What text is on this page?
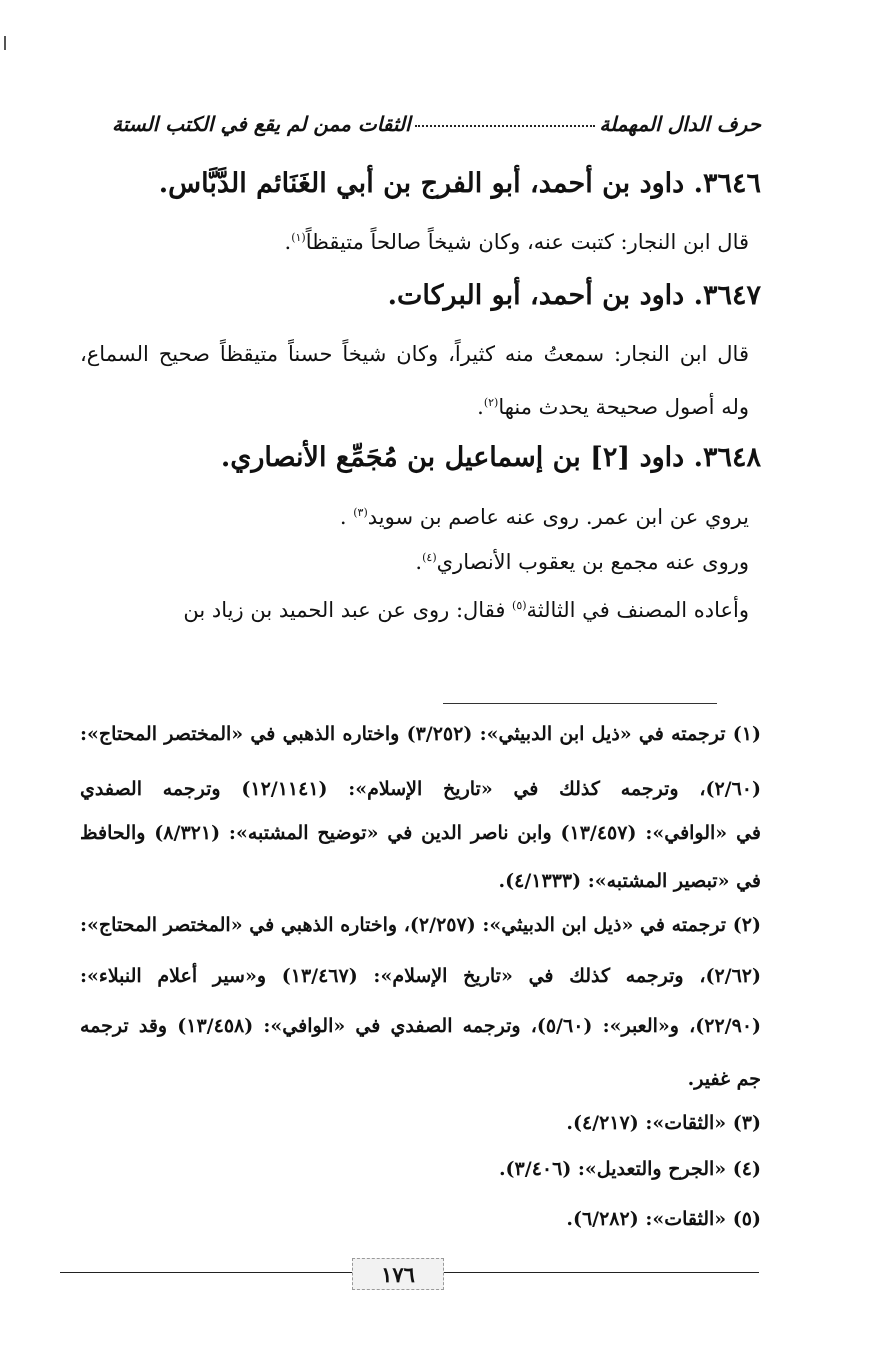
حرف الدال المهملة
الثقات ممن لم يقع في الكتب الستة
٣٦٤٦. داود بن أحمد، أبو الفرج بن أبي الغَنَائم الدَّبَّاس.
قال ابن النجار: كتبت عنه، وكان شيخاً صالحاً متيقظاً$^{(١)}$.
٣٦٤٧. داود بن أحمد، أبو البركات.
قال ابن النجار: سمعتُ منه كثيراً، وكان شيخاً حسناً متيقظاً صحيح السماع،
وله أصول صحيحة يحدث منها$^{(٢)}$.
٣٦٤٨. داود [٢] بن إسماعيل بن مُجَمِّع الأنصاري.
يروي عن ابن عمر. روى عنه عاصم بن سويد$^{(٣)}$ .
وروى عنه مجمع بن يعقوب الأنصاري$^{(٤)}$.
وأعاده المصنف في الثالثة$^{(٥)}$ فقال: روى عن عبد الحميد بن زياد بن
(١) ترجمته في «ذيل ابن الدبيثي»: (٣/٢٥٢) واختاره الذهبي في «المختصر المحتاج»:
(٢/٦٠)، وترجمه كذلك في «تاريخ الإسلام»: (١٢/١١٤١) وترجمه الصفدي
في «الوافي»: (١٣/٤٥٧) وابن ناصر الدين في «توضيح المشتبه»: (٨/٣٢١) والحافظ
في «تبصير المشتبه»: (٤/١٣٣٣).
(٢) ترجمته في «ذيل ابن الدبيثي»: (٢/٢٥٧)، واختاره الذهبي في «المختصر المحتاج»:
(٢/٦٢)، وترجمه كذلك في «تاريخ الإسلام»: (١٣/٤٦٧) و«سير أعلام النبلاء»:
(٢٢/٩٠)، و«العبر»: (٥/٦٠)، وترجمه الصفدي في «الوافي»: (١٣/٤٥٨) وقد ترجمه
جم غفير.
(٣) «الثقات»: (٤/٢١٧).
(٤) «الجرح والتعديل»: (٣/٤٠٦).
(٥) «الثقات»: (٦/٢٨٢).
١٧٦
